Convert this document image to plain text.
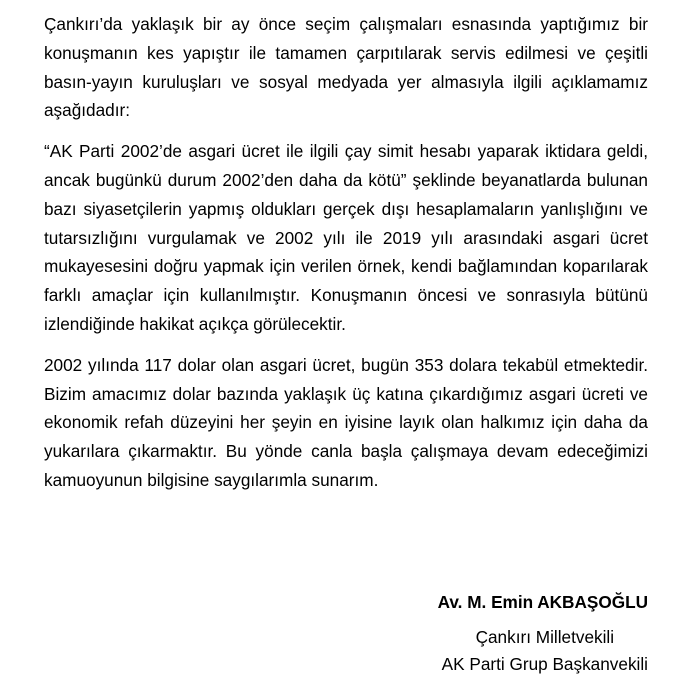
Çankırı’da yaklaşık bir ay önce seçim çalışmaları esnasında yaptığımız bir konuşmanın kes yapıştır ile tamamen çarpıtılarak servis edilmesi ve çeşitli basın-yayın kuruluşları ve sosyal medyada yer almasıyla ilgili açıklamamız aşağıdadır:

“AK Parti 2002’de asgari ücret ile ilgili çay simit hesabı yaparak iktidara geldi, ancak bugünkü durum 2002’den daha da kötü” şeklinde beyanatlarda bulunan bazı siyasetçilerin yapmış oldukları gerçek dışı hesaplamaların yanlışlığını ve tutarsızlığını vurgulamak ve 2002 yılı ile 2019 yılı arasındaki asgari ücret mukayesesini doğru yapmak için verilen örnek, kendi bağlamından koparılarak farklı amaçlar için kullanılmıştır. Konuşmanın öncesi ve sonrasıyla bütünü izlendiğinde hakikat açıkça görülecektir.

2002 yılında 117 dolar olan asgari ücret, bugün 353 dolara tekabül etmektedir. Bizim amacımız dolar bazında yaklaşık üç katına çıkardığımız asgari ücreti ve ekonomik refah düzeyini her şeyin en iyisine layık olan halkımız için daha da yukarılara çıkarmaktır. Bu yönde canla başla çalışmaya devam edeceğimizi kamuoyunun bilgisine saygılarımla sunarım.

Av. M. Emin AKBAŞOĞLU
Çankırı Milletvekili
AK Parti Grup Başkanvekili
